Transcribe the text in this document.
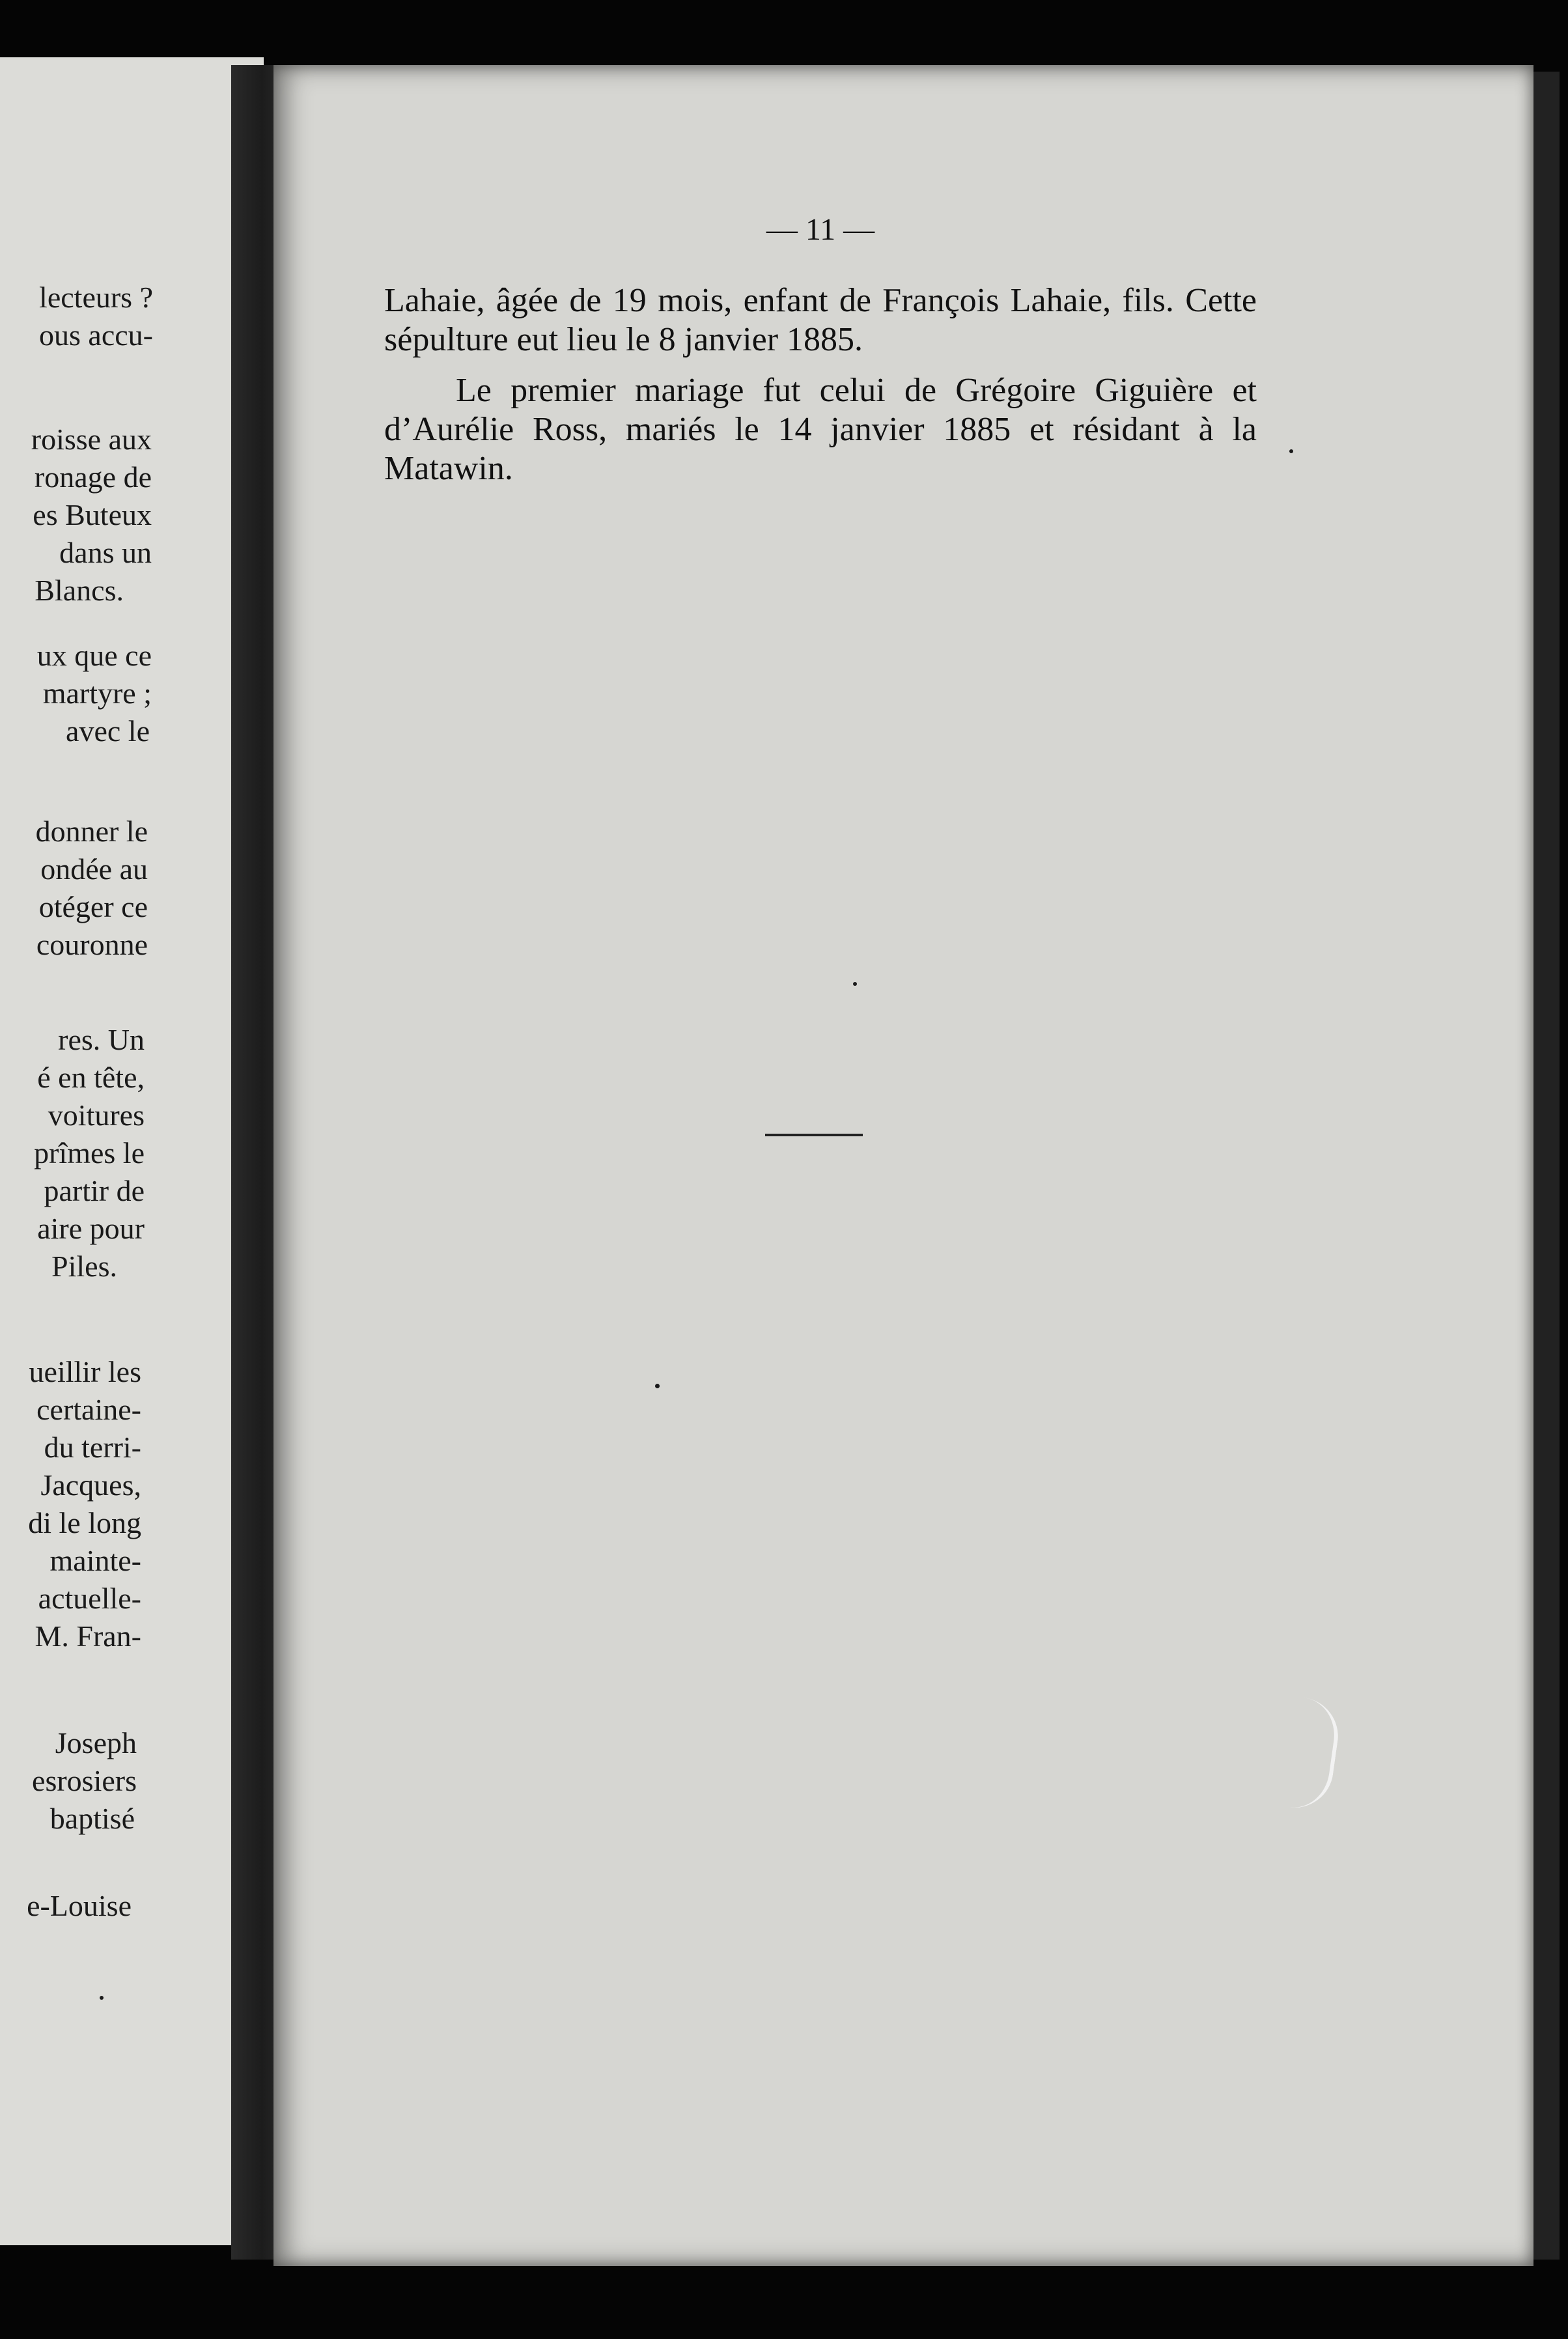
lecteurs ?
ous accu-
roisse aux
ronage de
es Buteux
dans un
Blancs.
ux que ce
martyre ;
avec le
donner le
ondée au
otéger ce
couronne
res. Un
é en tête,
voitures
prîmes le
partir de
aire pour
Piles.
ueillir les
certaine-
du terri-
Jacques,
di le long
mainte-
actuelle-
M. Fran-
Joseph
esrosiers
baptisé
e-Louise
— 11 —

Lahaie, âgée de 19 mois, enfant de François Lahaie, fils. Cette sépulture eut lieu le 8 janvier 1885.

Le premier mariage fut celui de Grégoire Giguière et d’Aurélie Ross, mariés le 14 janvier 1885 et résidant à la Matawin.
